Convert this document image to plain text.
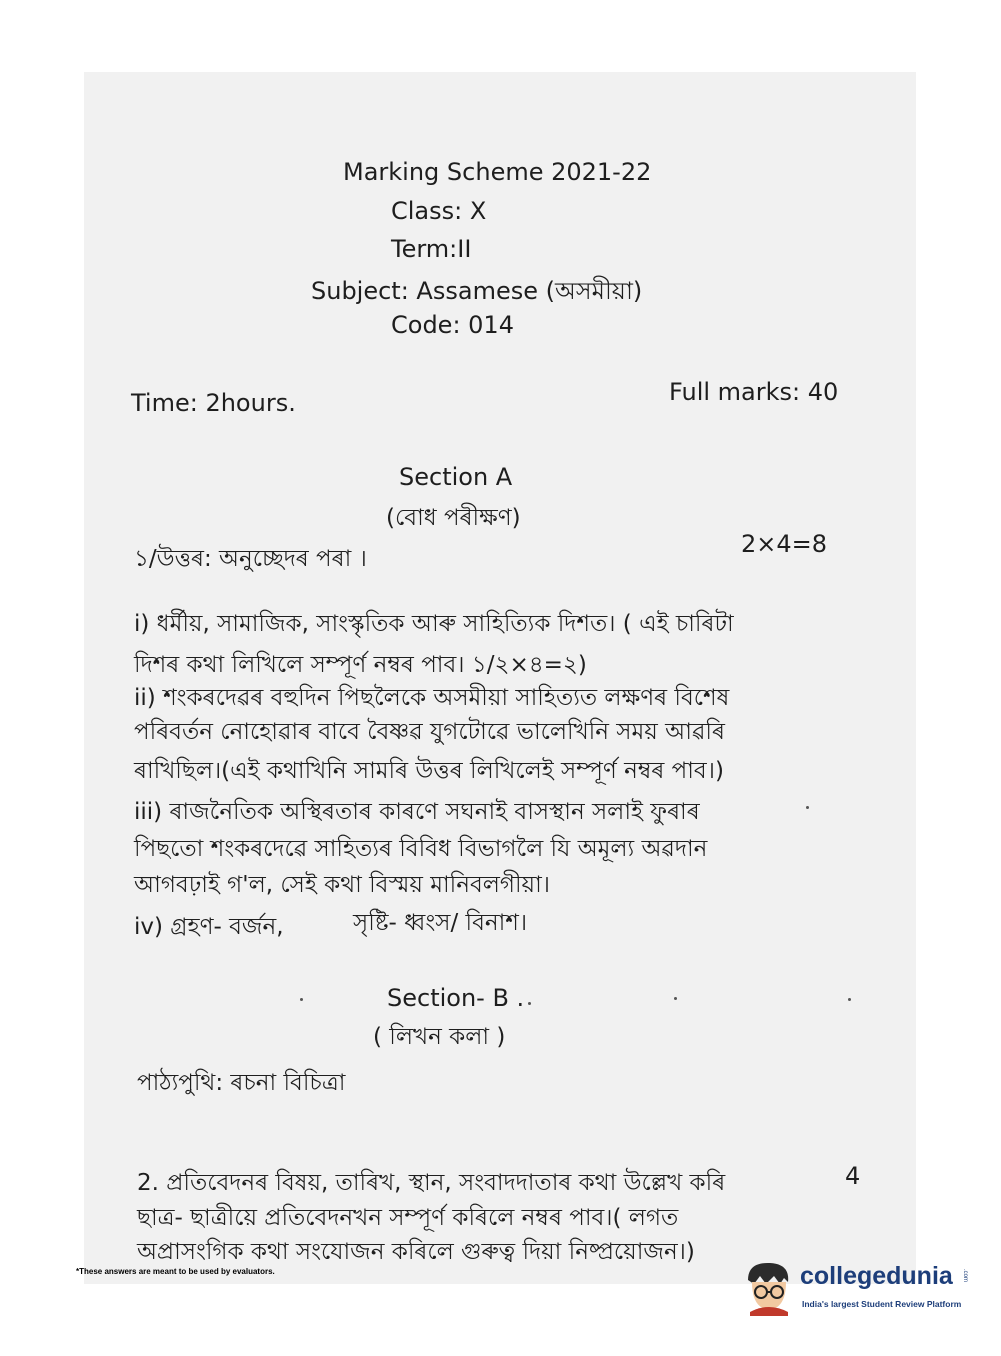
Marking Scheme 2021-22

Class: X

Term:II

Subject: Assamese (অসমীয়া)

Code: 014

Time: 2hours.	Full marks: 40

Section A

(বোধ পৰীক্ষণ)

১/উত্তৰ: অনুচ্ছেদৰ পৰা ।

2×4=8

i) ধৰ্মীয়, সামাজিক, সাংস্কৃতিক আৰু সাহিত্যিক দিশত। ( এই চাৰিটা

দিশৰ কথা লিখিলে সম্পূৰ্ণ নম্বৰ পাব। ১/২×৪=২)

ii) শংকৰদেৱৰ বহুদিন পিছলৈকে অসমীয়া সাহিত্যত লক্ষণৰ বিশেষ

পৰিবৰ্তন নোহোৱাৰ বাবে বৈষ্ণৱ যুগটোৱে ভালেখিনি সময় আৱৰি

ৰাখিছিল।(এই কথাখিনি সামৰি উত্তৰ লিখিলেই সম্পূৰ্ণ নম্বৰ পাব।)

iii) ৰাজনৈতিক অস্থিৰতাৰ কাৰণে সঘনাই বাসস্থান সলাই ফুৰাৰ

পিছতো শংকৰদেৱে সাহিত্যৰ বিবিধ বিভাগলৈ যি অমূল্য অৱদান

আগবঢ়াই গ'ল, সেই কথা বিস্ময় মানিবলগীয়া।

iv) গ্ৰহণ- বৰ্জন,	সৃষ্টি- ধ্বংস/ বিনাশ।

Section- B .

( লিখন কলা )

পাঠ্যপুথি: ৰচনা বিচিত্ৰা

2. প্ৰতিবেদনৰ বিষয়, তাৰিখ, স্থান, সংবাদদাতাৰ কথা উল্লেখ কৰি	4

ছাত্ৰ- ছাত্ৰীয়ে প্ৰতিবেদনখন সম্পূৰ্ণ কৰিলে নম্বৰ পাব।( লগত

অপ্ৰাসংগিক কথা সংযোজন কৰিলে গুৰুত্ব দিয়া নিষ্প্ৰয়োজন।)

*These answers are meant to be used by evaluators.	collegedunia .com
India's largest Student Review Platform
